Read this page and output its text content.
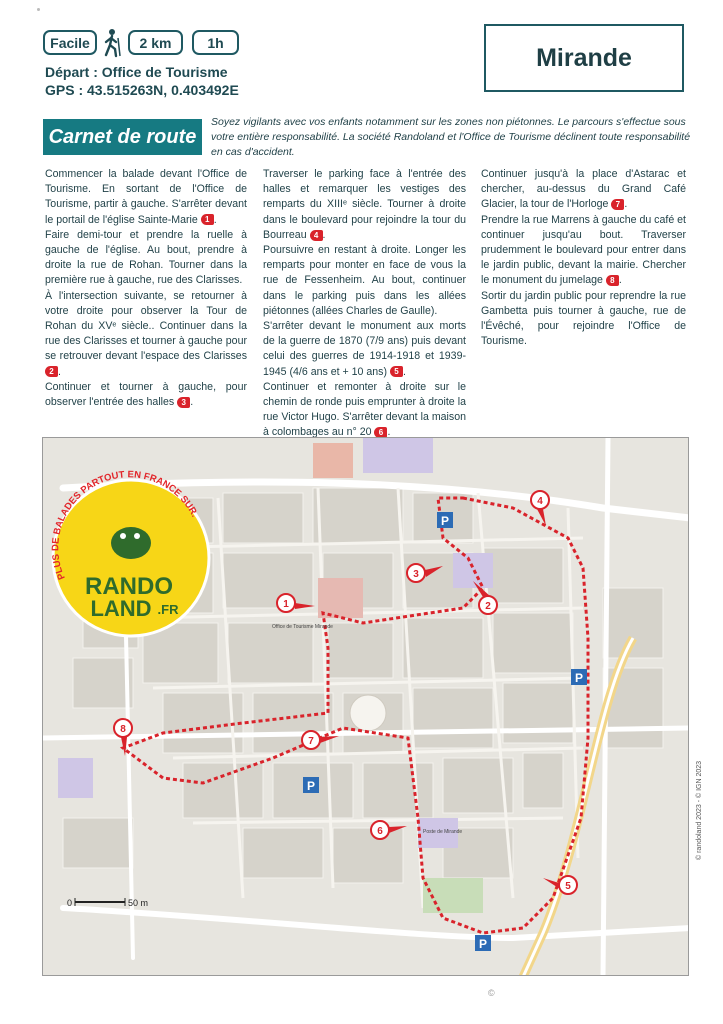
Facile	2 km	1h
Mirande
Départ : Office de Tourisme
GPS : 43.515263N, 0.403492E
Carnet de route
Soyez vigilants avec vos enfants notamment sur les zones non piétonnes. Le parcours s'effectue sous votre entière responsabilité. La société Randoland et l'Office de Tourisme déclinent toute responsabilité en cas d'accident.

Commencer la balade devant l'Office de Tourisme. En sortant de l'Office de Tourisme, partir à gauche. S'arrêter devant le portail de l'église Sainte-Marie 1 .

Faire demi-tour et prendre la ruelle à gauche de l'église. Au bout, prendre à droite la rue de Rohan. Tourner dans la première rue à gauche, rue des Clarisses.

À l'intersection suivante, se retourner à votre droite pour observer la Tour de Rohan du XVᵉ siècle.. Continuer dans la rue des Clarisses et tourner à gauche pour se retrouver devant l'espace des Clarisses 2 .

Continuer et tourner à gauche, pour observer l'entrée des halles 3 .

Traverser le parking face à l'entrée des halles et remarquer les vestiges des remparts du XIIIᵉ siècle. Tourner à droite dans le boulevard pour rejoindre la tour du Bourreau 4 .

Poursuivre en restant à droite. Longer les remparts pour monter en face de vous la rue de Fessenheim. Au bout, continuer dans le parking puis dans les allées piétonnes (allées Charles de Gaulle).

S'arrêter devant le monument aux morts de la guerre de 1870 (7/9 ans) puis devant celui des guerres de 1914-1918 et 1939-1945 (4/6 ans et + 10 ans) 5 .

Continuer et remonter à droite sur le chemin de ronde puis emprunter à droite la rue Victor Hugo. S'arrêter devant la maison à colombages au n° 20 6 .

Continuer jusqu'à la place d'Astarac et chercher, au-dessus du Grand Café Glacier, la tour de l'Horloge 7 .

Prendre la rue Marrens à gauche du café et continuer jusqu'au bout. Traverser prudemment le boulevard pour entrer dans le jardin public, devant la mairie. Chercher le monument du jumelage 8 .

Sortir du jardin public pour reprendre la rue Gambetta puis tourner à gauche, rue de l'Évêché, pour rejoindre l'Office de Tourisme.

P
P
P
P
1	2
3
4
5
6
7
8
Office de Tourisme Mirande
Poste de Mirande
0	50 m
PLUS DE BALADES PARTOUT EN FRANCE SUR.
RANDO
LAND .FR
© randoland 2023 - © IGN 2023
©
